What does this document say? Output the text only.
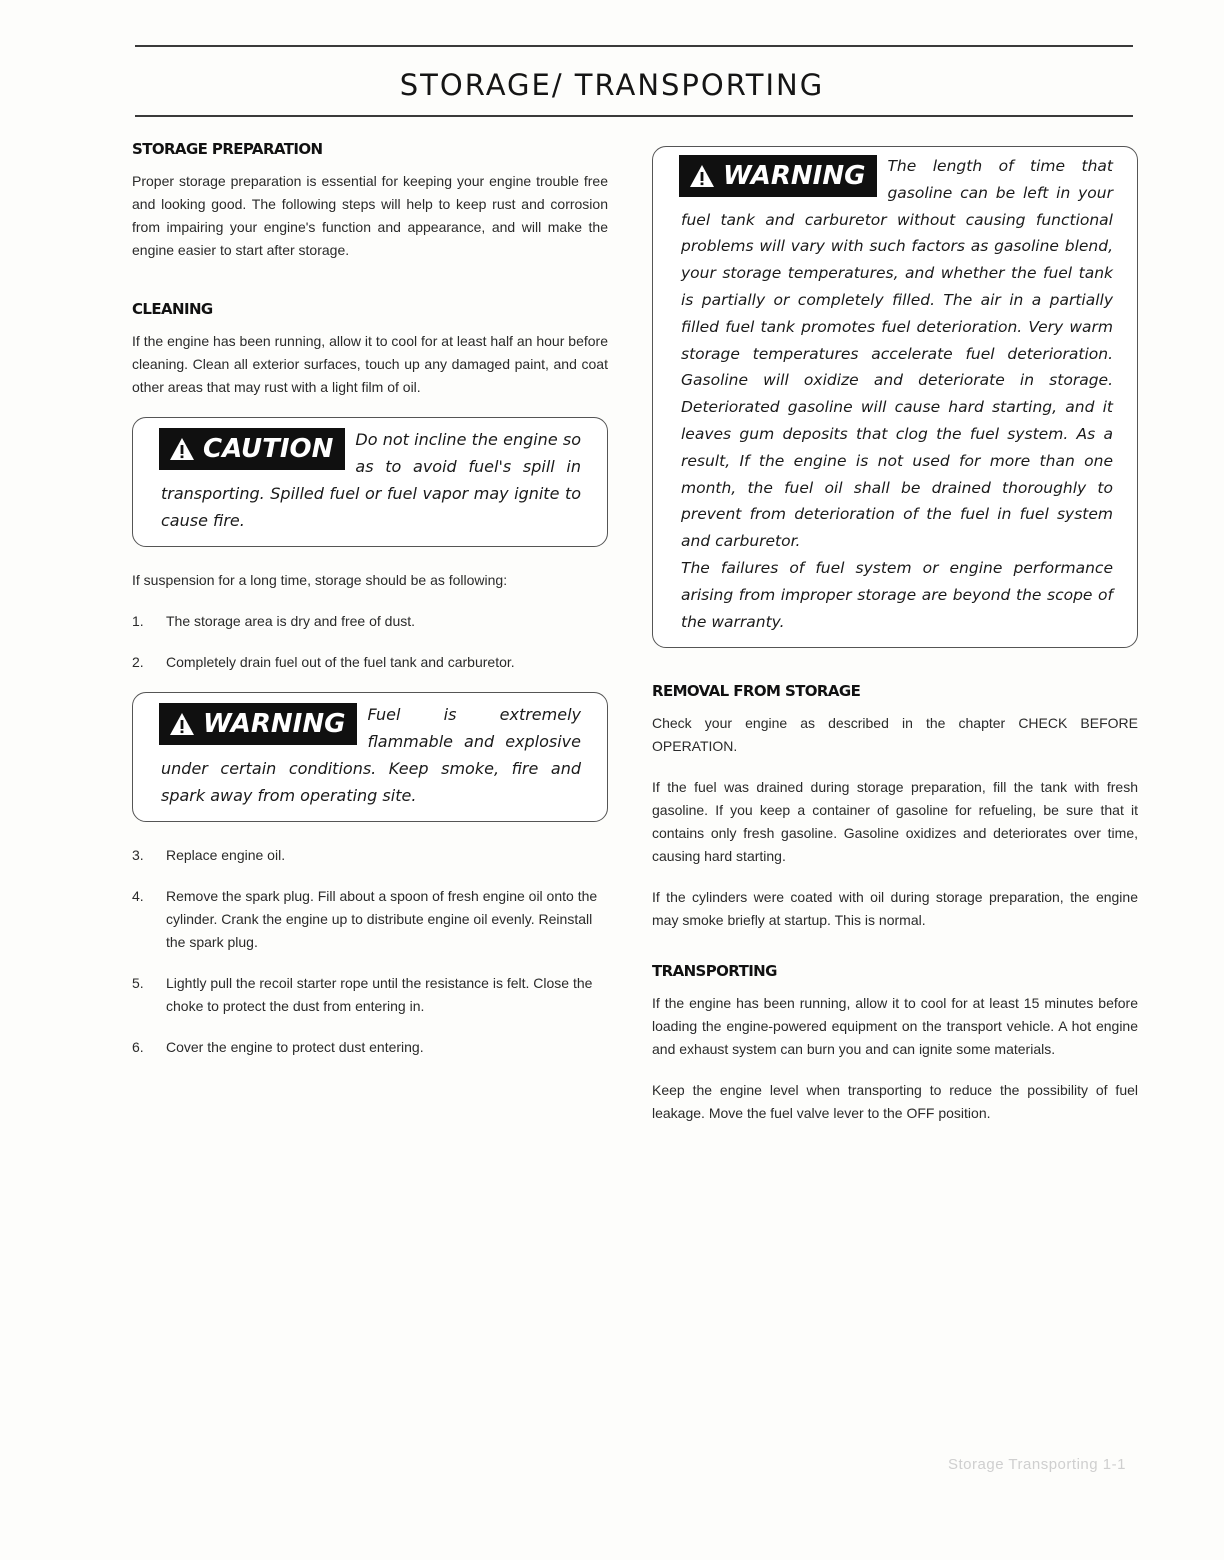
STORAGE/ TRANSPORTING
STORAGE PREPARATION

Proper storage preparation is essential for keeping your engine trouble free and looking good. The following steps will help to keep rust and corrosion from impairing your engine's function and appearance, and will make the engine easier to start after storage.

CLEANING

If the engine has been running, allow it to cool for at least half an hour before cleaning. Clean all exterior surfaces, touch up any damaged paint, and coat other areas that may rust with a light film of oil.

CAUTION	Do not incline the engine so as to avoid fuel's spill in transporting. Spilled fuel or fuel vapor may ignite to cause fire.

If suspension for a long time, storage should be as following:

1.	The storage area is dry and free of dust.
2.	Completely drain fuel out of the fuel tank and carburetor.
WARNING	Fuel is extremely flammable and explosive under certain conditions. Keep smoke, fire and spark away from operating site.
3.	Replace engine oil.
4.	Remove the spark plug. Fill about a spoon of fresh engine oil onto the cylinder. Crank the engine up to distribute engine oil evenly. Reinstall the spark plug.
5.	Lightly pull the recoil starter rope until the resistance is felt. Close the choke to protect the dust from entering in.
6.	Cover the engine to protect dust entering.
WARNING	The length of time that gasoline can be left in your fuel tank and carburetor without causing functional problems will vary with such factors as gasoline blend, your storage temperatures, and whether the fuel tank is partially or completely filled. The air in a partially filled fuel tank promotes fuel deterioration. Very warm storage temperatures accelerate fuel deterioration. Gasoline will oxidize and deteriorate in storage. Deteriorated gasoline will cause hard starting, and it leaves gum deposits that clog the fuel system. As a result, If the engine is not used for more than one month, the fuel oil shall be drained thoroughly to prevent from deterioration of the fuel in fuel system and carburetor.
The failures of fuel system or engine performance arising from improper storage are beyond the scope of the warranty.
REMOVAL FROM STORAGE

Check your engine as described in the chapter CHECK BEFORE OPERATION.

If the fuel was drained during storage preparation, fill the tank with fresh gasoline. If you keep a container of gasoline for refueling, be sure that it contains only fresh gasoline. Gasoline oxidizes and deteriorates over time, causing hard starting.

If the cylinders were coated with oil during storage preparation, the engine may smoke briefly at startup. This is normal.

TRANSPORTING

If the engine has been running, allow it to cool for at least 15 minutes before loading the engine-powered equipment on the transport vehicle. A hot engine and exhaust system can burn you and can ignite some materials.

Keep the engine level when transporting to reduce the possibility of fuel leakage. Move the fuel valve lever to the OFF position.

Storage Transporting 1-1
